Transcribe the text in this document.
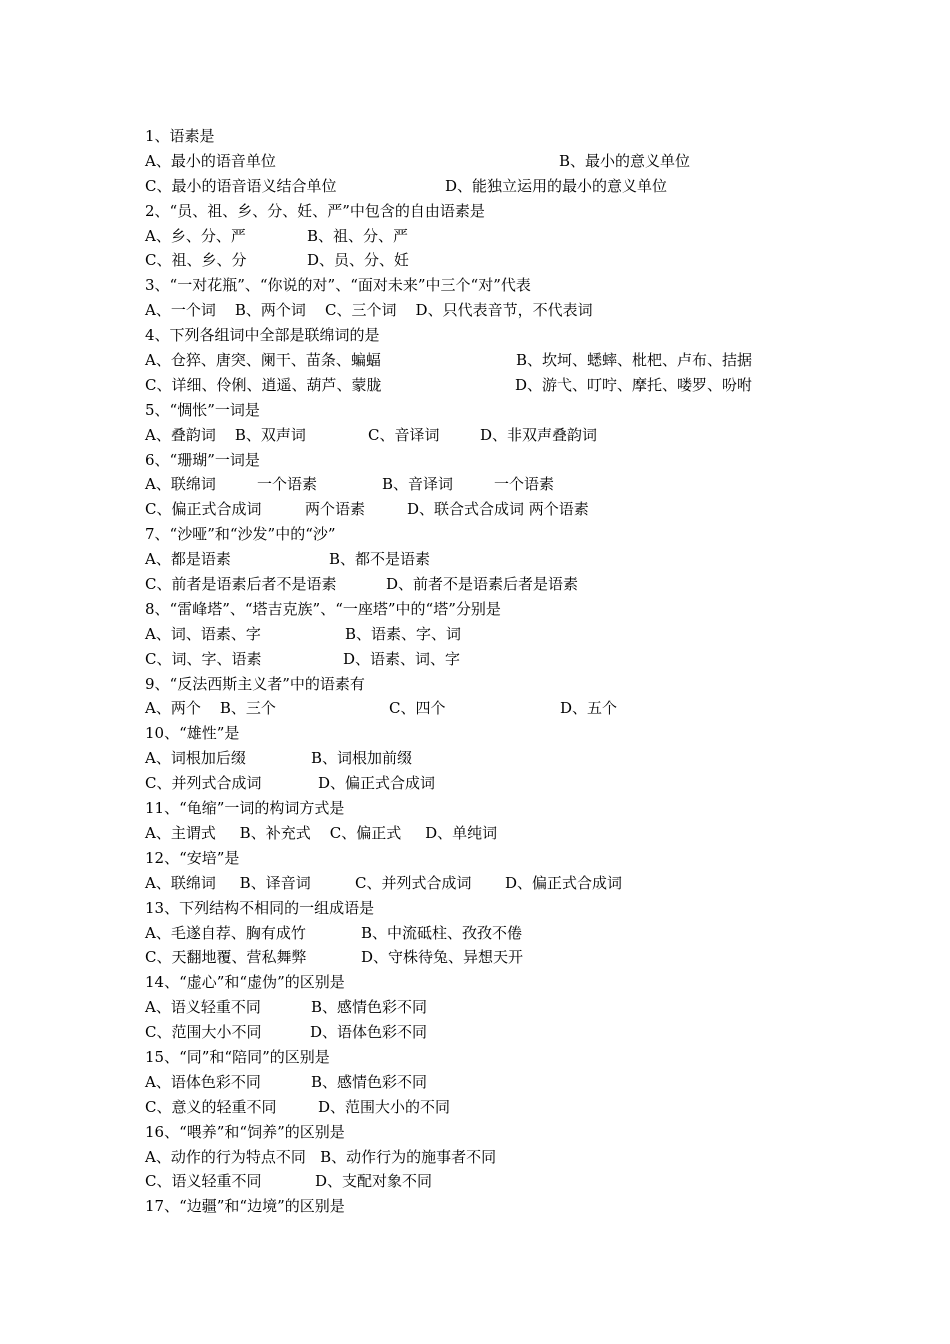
1、语素是
A、最小的语音单位	B、最小的意义单位
C、最小的语音语义结合单位	D、能独立运用的最小的意义单位
2、“员、祖、乡、分、妊、严”中包含的自由语素是
A、乡、分、严	B、祖、分、严
C、祖、乡、分	D、员、分、妊
3、“一对花瓶”、“你说的对”、“面对未来”中三个“对”代表
A、一个词    B、两个词    C、三个词    D、只代表音节，不代表词
4、下列各组词中全部是联绵词的是
A、仓猝、唐突、阑干、苗条、蝙蝠	B、坎坷、蟋蟀、枇杷、卢布、拮据
C、详细、伶俐、逍遥、葫芦、蒙胧	D、游弋、叮咛、摩托、喽罗、吩咐
5、“惆怅”一词是
A、叠韵词    B、双声词	C、音译词	D、非双声叠韵词
6、“珊瑚”一词是
A、联绵词	一个语素	B、音译词	一个语素
C、偏正式合成词	两个语素	D、联合式合成词 两个语素
7、“沙哑”和“沙发”中的“沙”
A、都是语素	B、都不是语素
C、前者是语素后者不是语素	D、前者不是语素后者是语素
8、“雷峰塔”、“塔吉克族”、“一座塔”中的“塔”分别是
A、词、语素、字	B、语素、字、词
C、词、字、语素	D、语素、词、字
9、“反法西斯主义者”中的语素有
A、两个    B、三个	C、四个	D、五个
10、“雄性”是
A、词根加后缀	B、词根加前缀
C、并列式合成词	D、偏正式合成词
11、“龟缩”一词的构词方式是
A、主谓式     B、补充式    C、偏正式     D、单纯词
12、“安培”是
A、联绵词     B、译音词	C、并列式合成词 D、偏正式合成词
13、下列结构不相同的一组成语是
A、毛遂自荐、胸有成竹	B、中流砥柱、孜孜不倦
C、天翻地覆、营私舞弊	D、守株待兔、异想天开
14、“虚心”和“虚伪”的区别是
A、语义轻重不同	B、感情色彩不同
C、范围大小不同	D、语体色彩不同
15、“同”和“陪同”的区别是
A、语体色彩不同	B、感情色彩不同
C、意义的轻重不同	D、范围大小的不同
16、“喂养”和“饲养”的区别是
A、动作的行为特点不同   B、动作行为的施事者不同
C、语义轻重不同	D、支配对象不同
17、“边疆”和“边境”的区别是
